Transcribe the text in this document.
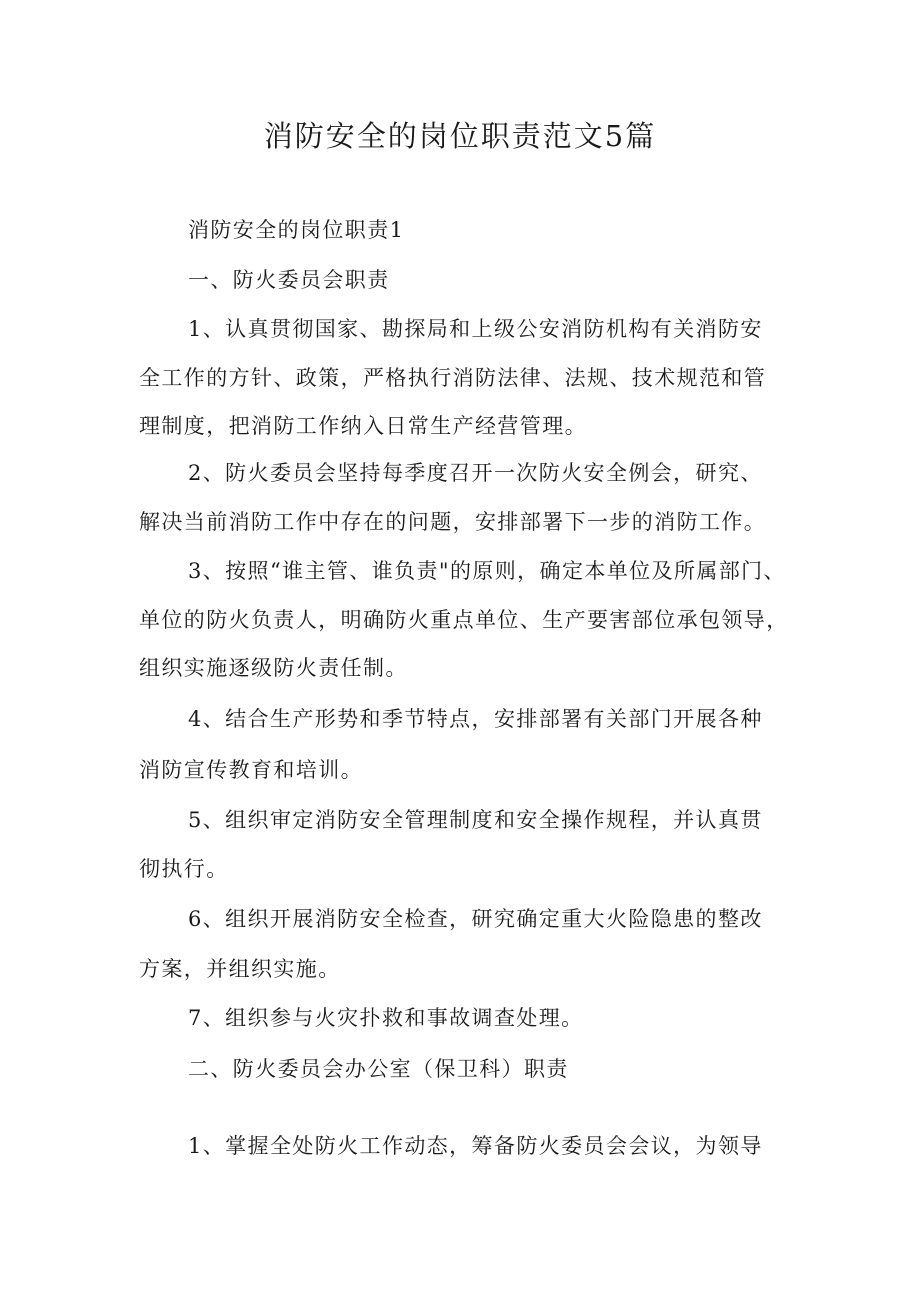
消防安全的岗位职责范文5篇
消防安全的岗位职责1
一、防火委员会职责
1、认真贯彻国家、勘探局和上级公安消防机构有关消防安
全工作的方针、政策，严格执行消防法律、法规、技术规范和管
理制度，把消防工作纳入日常生产经营管理。
2、防火委员会坚持每季度召开一次防火安全例会，研究、
解决当前消防工作中存在的问题，安排部署下一步的消防工作。
3、按照“谁主管、谁负责"的原则，确定本单位及所属部门、
单位的防火负责人，明确防火重点单位、生产要害部位承包领导，
组织实施逐级防火责任制。
4、结合生产形势和季节特点，安排部署有关部门开展各种
消防宣传教育和培训。
5、组织审定消防安全管理制度和安全操作规程，并认真贯
彻执行。
6、组织开展消防安全检查，研究确定重大火险隐患的整改
方案，并组织实施。
7、组织参与火灾扑救和事故调查处理。
二、防火委员会办公室（保卫科）职责
1、掌握全处防火工作动态，筹备防火委员会会议，为领导
